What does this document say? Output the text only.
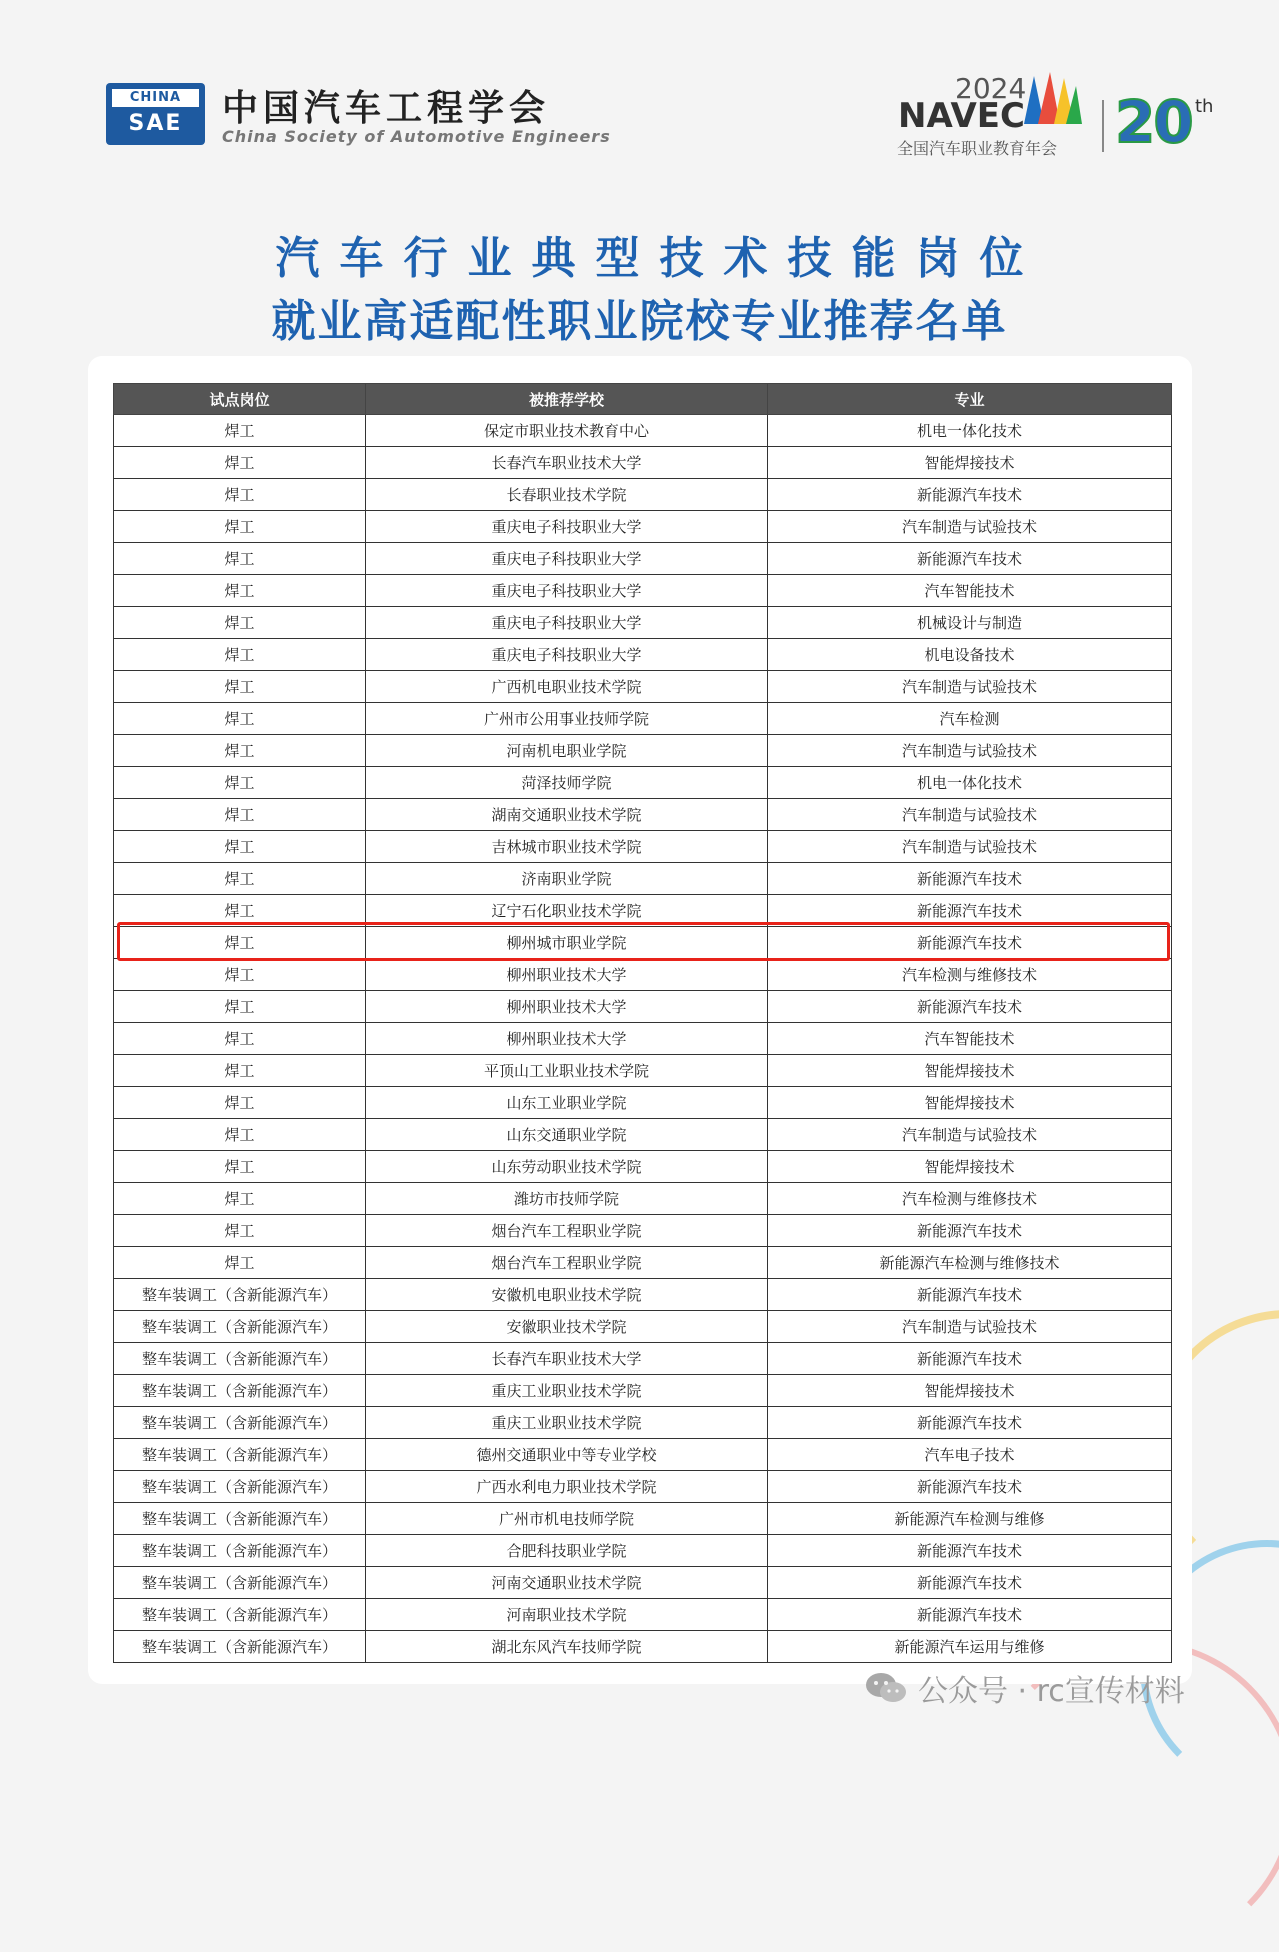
CHINA
SAE	中国汽车工程学会
China Society of Automotive Engineers
2024
NAVEC
全国汽车职业教育年会 20 th
汽车行业典型技术技能岗位
就业高适配性职业院校专业推荐名单
试点岗位	被推荐学校	专业
焊工	保定市职业技术教育中心	机电一体化技术
焊工	长春汽车职业技术大学	智能焊接技术
焊工	长春职业技术学院	新能源汽车技术
焊工	重庆电子科技职业大学	汽车制造与试验技术
焊工	重庆电子科技职业大学	新能源汽车技术
焊工	重庆电子科技职业大学	汽车智能技术
焊工	重庆电子科技职业大学	机械设计与制造
焊工	重庆电子科技职业大学	机电设备技术
焊工	广西机电职业技术学院	汽车制造与试验技术
焊工	广州市公用事业技师学院	汽车检测
焊工	河南机电职业学院	汽车制造与试验技术
焊工	菏泽技师学院	机电一体化技术
焊工	湖南交通职业技术学院	汽车制造与试验技术
焊工	吉林城市职业技术学院	汽车制造与试验技术
焊工	济南职业学院	新能源汽车技术
焊工	辽宁石化职业技术学院	新能源汽车技术
焊工	柳州城市职业学院	新能源汽车技术
焊工	柳州职业技术大学	汽车检测与维修技术
焊工	柳州职业技术大学	新能源汽车技术
焊工	柳州职业技术大学	汽车智能技术
焊工	平顶山工业职业技术学院	智能焊接技术
焊工	山东工业职业学院	智能焊接技术
焊工	山东交通职业学院	汽车制造与试验技术
焊工	山东劳动职业技术学院	智能焊接技术
焊工	潍坊市技师学院	汽车检测与维修技术
焊工	烟台汽车工程职业学院	新能源汽车技术
焊工	烟台汽车工程职业学院	新能源汽车检测与维修技术
整车装调工（含新能源汽车）	安徽机电职业技术学院	新能源汽车技术
整车装调工（含新能源汽车）	安徽职业技术学院	汽车制造与试验技术
整车装调工（含新能源汽车）	长春汽车职业技术大学	新能源汽车技术
整车装调工（含新能源汽车）	重庆工业职业技术学院	智能焊接技术
整车装调工（含新能源汽车）	重庆工业职业技术学院	新能源汽车技术
整车装调工（含新能源汽车）	德州交通职业中等专业学校	汽车电子技术
整车装调工（含新能源汽车）	广西水利电力职业技术学院	新能源汽车技术
整车装调工（含新能源汽车）	广州市机电技师学院	新能源汽车检测与维修
整车装调工（含新能源汽车）	合肥科技职业学院	新能源汽车技术
整车装调工（含新能源汽车）	河南交通职业技术学院	新能源汽车技术
整车装调工（含新能源汽车）	河南职业技术学院	新能源汽车技术
整车装调工（含新能源汽车）	湖北东风汽车技师学院	新能源汽车运用与维修
公众号 · rc宣传材料
